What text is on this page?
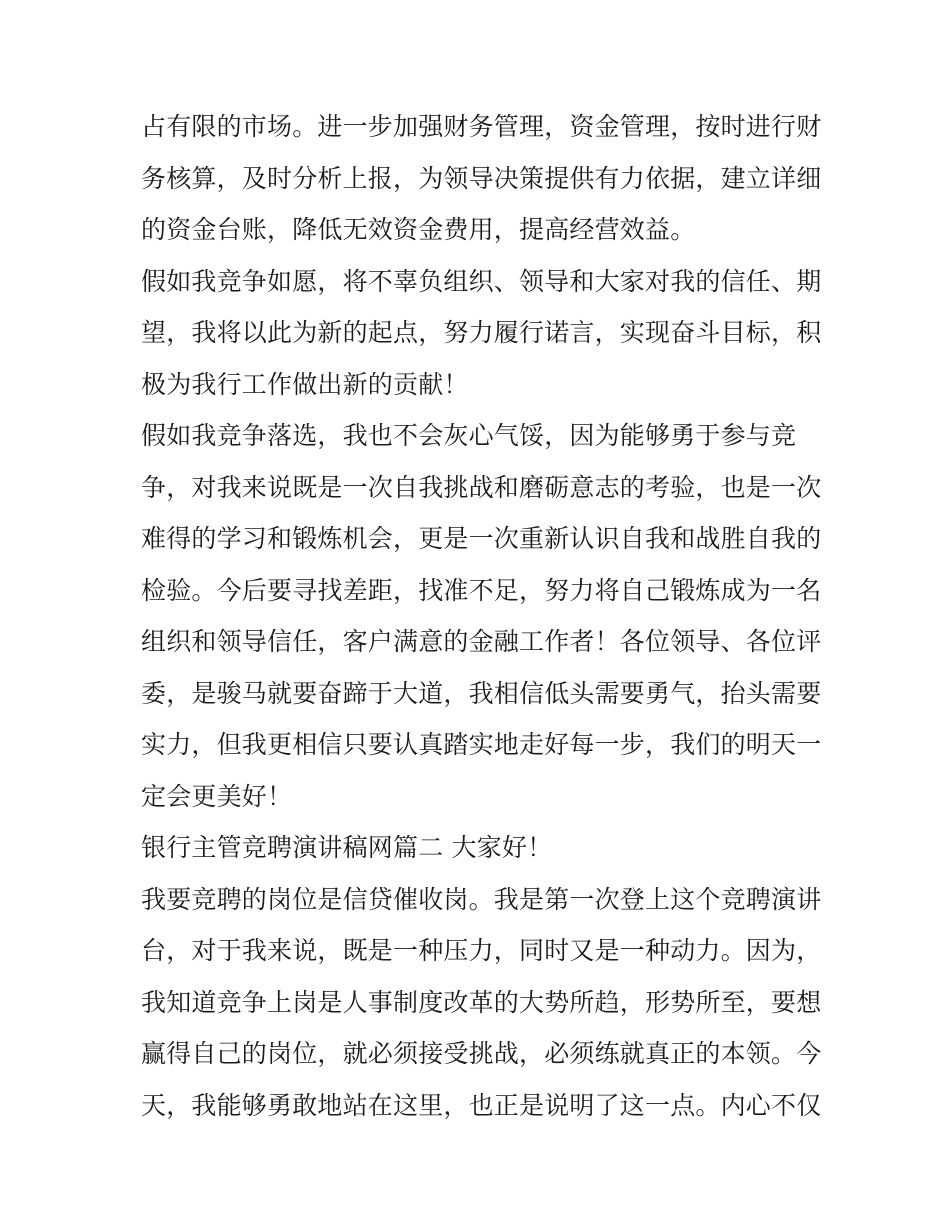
占有限的市场。进一步加强财务管理，资金管理，按时进行财
务核算，及时分析上报，为领导决策提供有力依据，建立详细
的资金台账，降低无效资金费用，提高经营效益。
假如我竞争如愿，将不辜负组织、领导和大家对我的信任、期
望，我将以此为新的起点，努力履行诺言，实现奋斗目标，积
极为我行工作做出新的贡献！
假如我竞争落选，我也不会灰心气馁，因为能够勇于参与竞
争，对我来说既是一次自我挑战和磨砺意志的考验，也是一次
难得的学习和锻炼机会，更是一次重新认识自我和战胜自我的
检验。今后要寻找差距，找准不足，努力将自己锻炼成为一名
组织和领导信任，客户满意的金融工作者！各位领导、各位评
委，是骏马就要奋蹄于大道，我相信低头需要勇气，抬头需要
实力，但我更相信只要认真踏实地走好每一步，我们的明天一
定会更美好！
银行主管竞聘演讲稿网篇二 大家好！
我要竞聘的岗位是信贷催收岗。我是第一次登上这个竞聘演讲
台，对于我来说，既是一种压力，同时又是一种动力。因为，
我知道竞争上岗是人事制度改革的大势所趋，形势所至，要想
赢得自己的岗位，就必须接受挑战，必须练就真正的本领。今
天，我能够勇敢地站在这里，也正是说明了这一点。内心不仅
